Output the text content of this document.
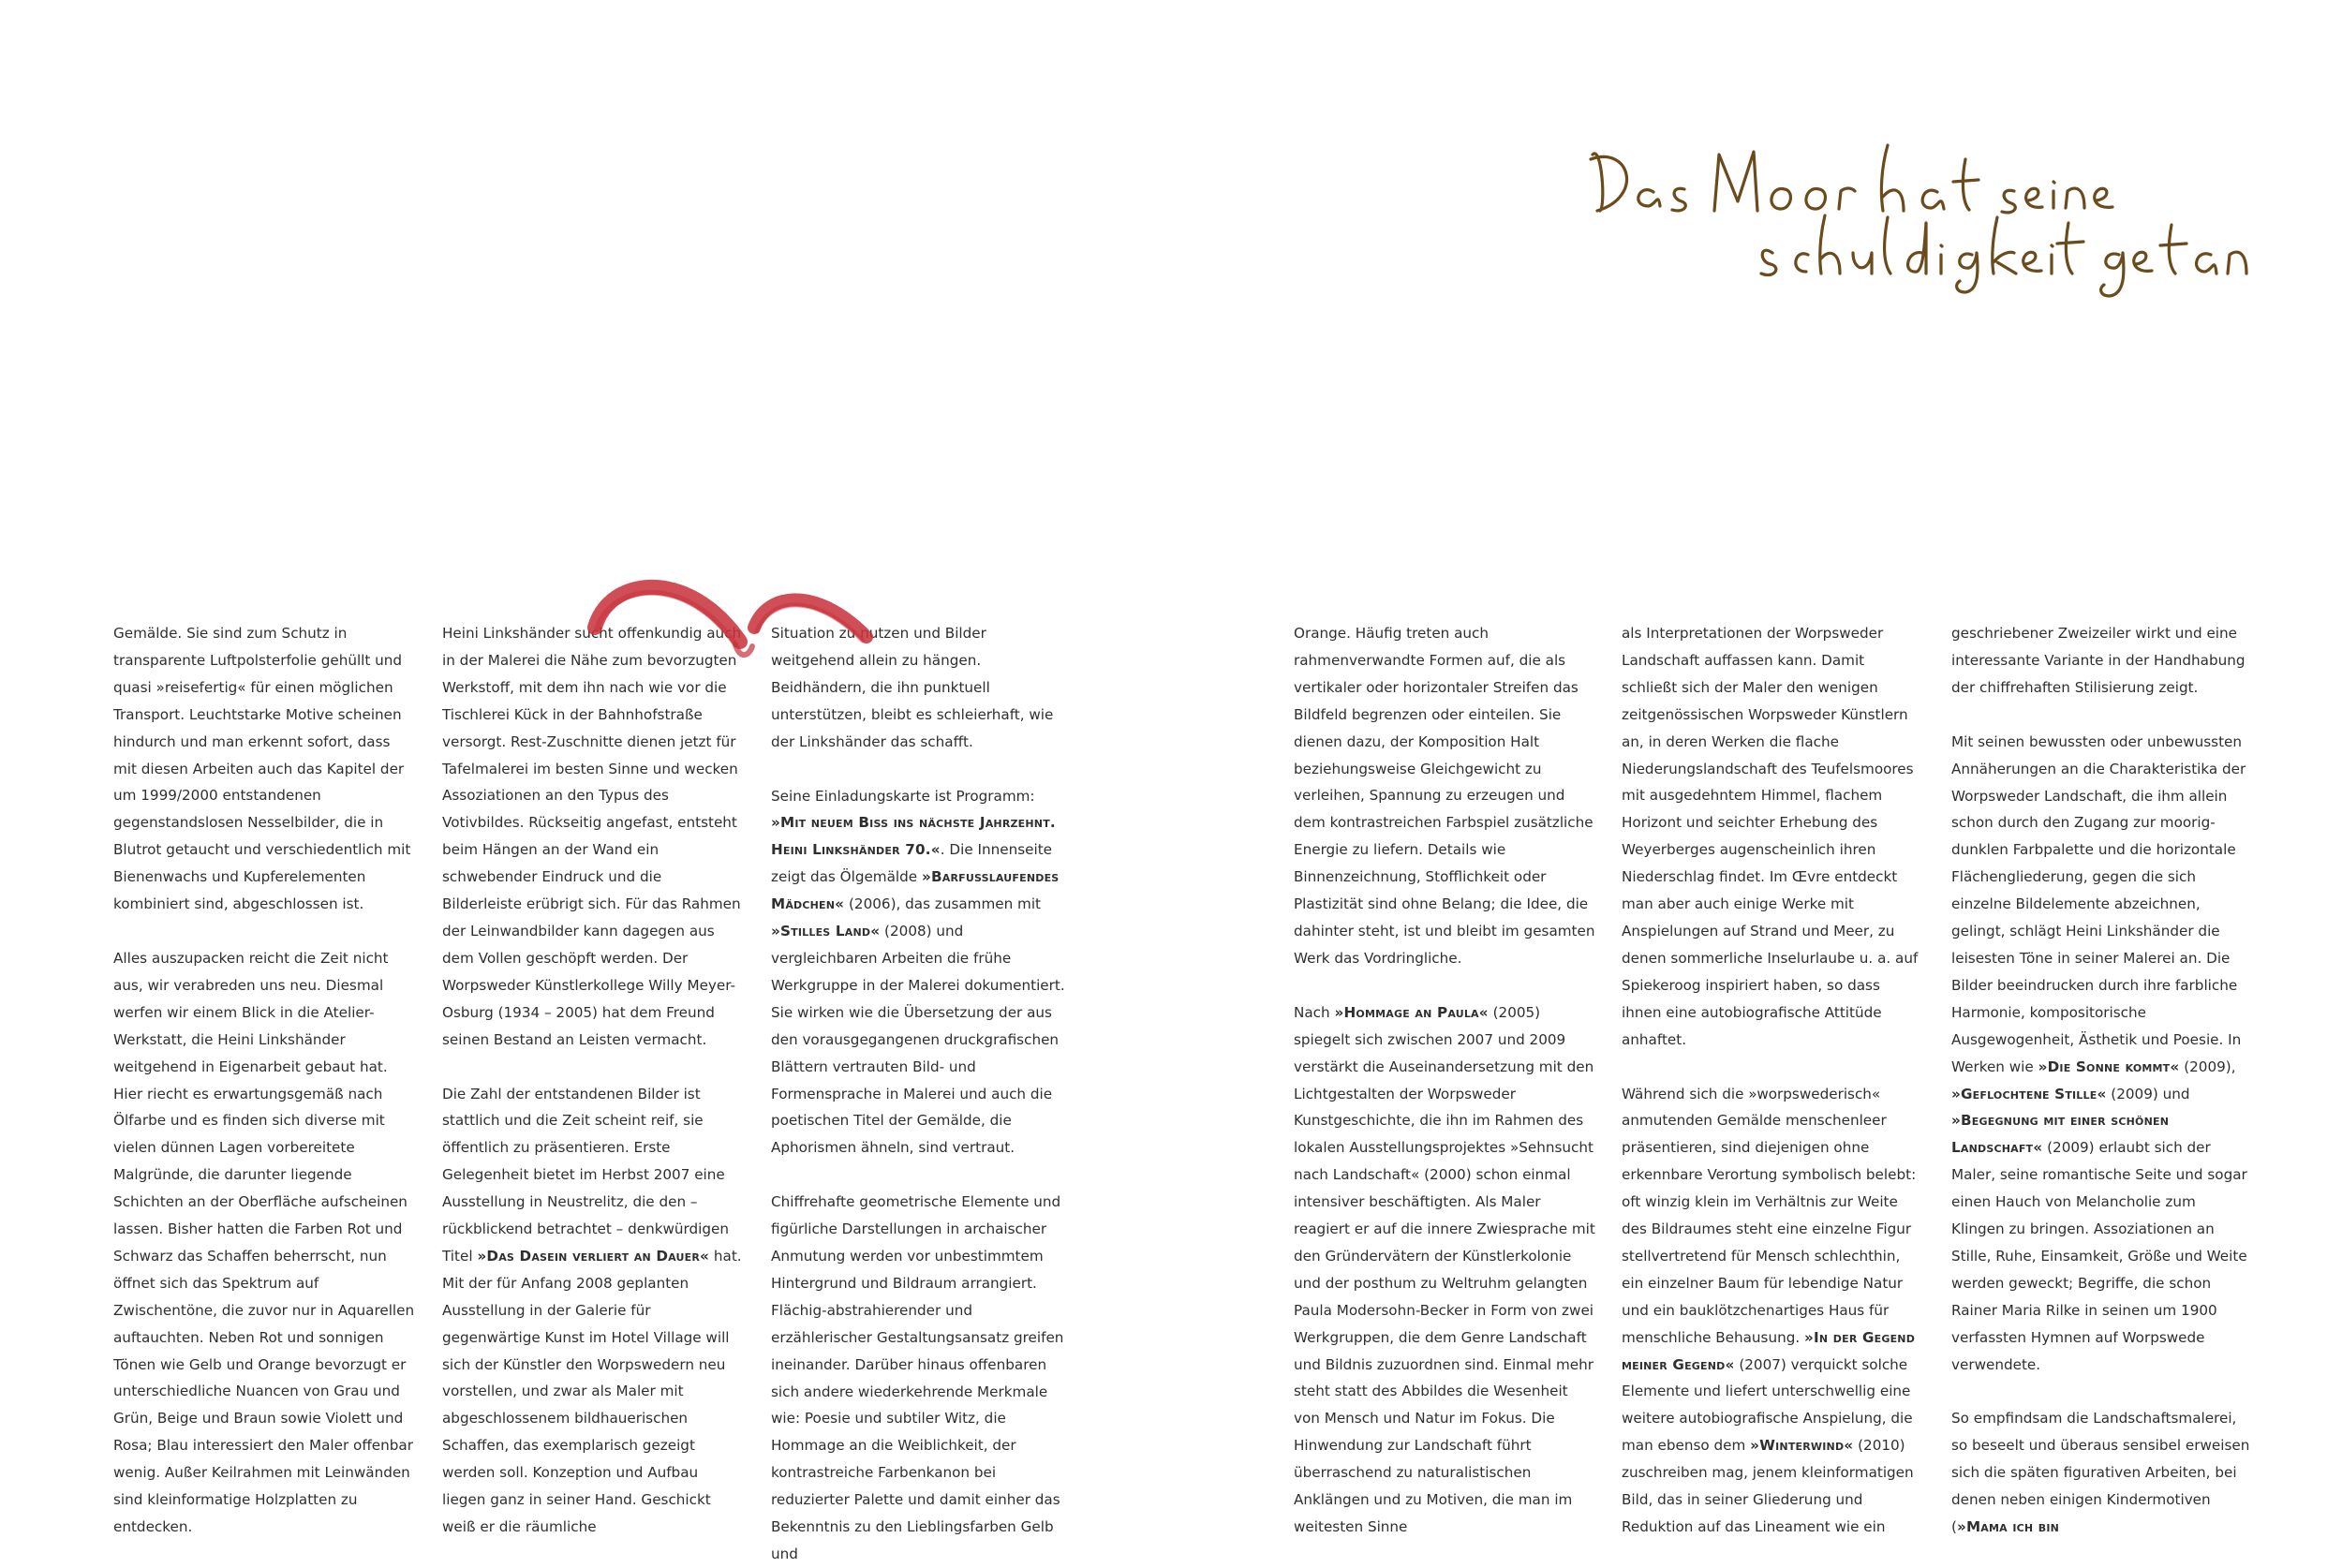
Gemälde. Sie sind zum Schutz in transparente Luftpolsterfolie gehüllt und quasi »reisefertig« für einen möglichen Transport. Leuchtstarke Motive scheinen hindurch und man erkennt sofort, dass mit diesen Arbeiten auch das Kapitel der um 1999/2000 entstandenen gegenstandslosen Nesselbilder, die in Blutrot getaucht und verschiedentlich mit Bienenwachs und Kupferelementen kombiniert sind, abgeschlossen ist.

Alles auszupacken reicht die Zeit nicht aus, wir verabreden uns neu. Diesmal werfen wir einem Blick in die Atelier-Werkstatt, die Heini Linkshänder weitgehend in Eigenarbeit gebaut hat. Hier riecht es erwartungsgemäß nach Ölfarbe und es finden sich diverse mit vielen dünnen Lagen vorbereitete Malgründe, die darunter liegende Schichten an der Oberfläche aufscheinen lassen. Bisher hatten die Farben Rot und Schwarz das Schaffen beherrscht, nun öffnet sich das Spektrum auf Zwischentöne, die zuvor nur in Aquarellen auftauchten. Neben Rot und sonnigen Tönen wie Gelb und Orange bevorzugt er unterschiedliche Nuancen von Grau und Grün, Beige und Braun sowie Violett und Rosa; Blau interessiert den Maler offenbar wenig. Außer Keilrahmen mit Leinwänden sind kleinformatige Holzplatten zu entdecken.

Heini Linkshänder sucht offenkundig auch in der Malerei die Nähe zum bevorzugten Werkstoff, mit dem ihn nach wie vor die Tischlerei Kück in der Bahnhofstraße versorgt. Rest-Zuschnitte dienen jetzt für Tafelmalerei im besten Sinne und wecken Assoziationen an den Typus des Votivbildes. Rückseitig angefast, entsteht beim Hängen an der Wand ein schwebender Eindruck und die Bilderleiste erübrigt sich. Für das Rahmen der Leinwandbilder kann dagegen aus dem Vollen geschöpft werden. Der Worpsweder Künstlerkollege Willy Meyer-Osburg (1934 – 2005) hat dem Freund seinen Bestand an Leisten vermacht.

Die Zahl der entstandenen Bilder ist stattlich und die Zeit scheint reif, sie öffentlich zu präsentieren. Erste Gelegenheit bietet im Herbst 2007 eine Ausstellung in Neustrelitz, die den – rückblickend betrachtet – denkwürdigen Titel »Das Dasein verliert an Dauer« hat. Mit der für Anfang 2008 geplanten Ausstellung in der Galerie für gegenwärtige Kunst im Hotel Village will sich der Künstler den Worpswedern neu vorstellen, und zwar als Maler mit abgeschlossenem bildhauerischen Schaffen, das exemplarisch gezeigt werden soll. Konzeption und Aufbau liegen ganz in seiner Hand. Geschickt weiß er die räumliche

Situation zu nutzen und Bilder weitgehend allein zu hängen. Beidhändern, die ihn punktuell unterstützen, bleibt es schleierhaft, wie der Linkshänder das schafft.

Seine Einladungskarte ist Programm: »Mit neuem Biss ins nächste Jahrzehnt. Heini Linkshänder 70.«. Die Innenseite zeigt das Ölgemälde »Barfusslaufendes Mädchen« (2006), das zusammen mit »Stilles Land« (2008) und vergleichbaren Arbeiten die frühe Werkgruppe in der Malerei dokumentiert. Sie wirken wie die Übersetzung der aus den vorausgegangenen druckgrafischen Blättern vertrauten Bild- und Formensprache in Malerei und auch die poetischen Titel der Gemälde, die Aphorismen ähneln, sind vertraut.

Chiffrehafte geometrische Elemente und figürliche Darstellungen in archaischer Anmutung werden vor unbestimmtem Hintergrund und Bildraum arrangiert. Flächig-abstrahierender und erzählerischer Gestaltungsansatz greifen ineinander. Darüber hinaus offenbaren sich andere wiederkehrende Merkmale wie: Poesie und subtiler Witz, die Hommage an die Weiblichkeit, der kontrastreiche Farbenkanon bei reduzierter Palette und damit einher das Bekenntnis zu den Lieblingsfarben Gelb und

Orange. Häufig treten auch rahmenverwandte Formen auf, die als vertikaler oder horizontaler Streifen das Bildfeld begrenzen oder einteilen. Sie dienen dazu, der Komposition Halt beziehungsweise Gleichgewicht zu verleihen, Spannung zu erzeugen und dem kontrastreichen Farbspiel zusätzliche Energie zu liefern. Details wie Binnenzeichnung, Stofflichkeit oder Plastizität sind ohne Belang; die Idee, die dahinter steht, ist und bleibt im gesamten Werk das Vordringliche.

Nach »Hommage an Paula« (2005) spiegelt sich zwischen 2007 und 2009 verstärkt die Auseinandersetzung mit den Lichtgestalten der Worpsweder Kunstgeschichte, die ihn im Rahmen des lokalen Ausstellungsprojektes »Sehnsucht nach Landschaft« (2000) schon einmal intensiver beschäftigten. Als Maler reagiert er auf die innere Zwiesprache mit den Gründervätern der Künstlerkolonie und der posthum zu Weltruhm gelangten Paula Modersohn-Becker in Form von zwei Werkgruppen, die dem Genre Landschaft und Bildnis zuzuordnen sind. Einmal mehr steht statt des Abbildes die Wesenheit von Mensch und Natur im Fokus. Die Hinwendung zur Landschaft führt überraschend zu naturalistischen Anklängen und zu Motiven, die man im weitesten Sinne

als Interpretationen der Worpsweder Landschaft auffassen kann. Damit schließt sich der Maler den wenigen zeitgenössischen Worpsweder Künstlern an, in deren Werken die flache Niederungslandschaft des Teufelsmoores mit ausgedehntem Himmel, flachem Horizont und seichter Erhebung des Weyerberges augenscheinlich ihren Niederschlag findet. Im Œvre entdeckt man aber auch einige Werke mit Anspielungen auf Strand und Meer, zu denen sommerliche Inselurlaube u. a. auf Spiekeroog inspiriert haben, so dass ihnen eine autobiografische Attitüde anhaftet.

Während sich die »worpswederisch« anmutenden Gemälde menschenleer präsentieren, sind diejenigen ohne erkennbare Verortung symbolisch belebt: oft winzig klein im Verhältnis zur Weite des Bildraumes steht eine einzelne Figur stellvertretend für Mensch schlechthin, ein einzelner Baum für lebendige Natur und ein bauklötzchenartiges Haus für menschliche Behausung. »In der Gegend meiner Gegend« (2007) verquickt solche Elemente und liefert unterschwellig eine weitere autobiografische Anspielung, die man ebenso dem »Winterwind« (2010) zuschreiben mag, jenem kleinformatigen Bild, das in seiner Gliederung und Reduktion auf das Lineament wie ein

geschriebener Zweizeiler wirkt und eine interessante Variante in der Handhabung der chiffrehaften Stilisierung zeigt.

Mit seinen bewussten oder unbewussten Annäherungen an die Charakteristika der Worpsweder Landschaft, die ihm allein schon durch den Zugang zur moorig-dunklen Farbpalette und die horizontale Flächengliederung, gegen die sich einzelne Bildelemente abzeichnen, gelingt, schlägt Heini Linkshänder die leisesten Töne in seiner Malerei an. Die Bilder beeindrucken durch ihre farbliche Harmonie, kompositorische Ausgewogenheit, Ästhetik und Poesie. In Werken wie »Die Sonne kommt« (2009), »Geflochtene Stille« (2009) und »Begegnung mit einer schönen Landschaft« (2009) erlaubt sich der Maler, seine romantische Seite und sogar einen Hauch von Melancholie zum Klingen zu bringen. Assoziationen an Stille, Ruhe, Einsamkeit, Größe und Weite werden geweckt; Begriffe, die schon Rainer Maria Rilke in seinen um 1900 verfassten Hymnen auf Worpswede verwendete.

So empfindsam die Landschaftsmalerei, so beseelt und überaus sensibel erweisen sich die späten figurativen Arbeiten, bei denen neben einigen Kindermotiven (»Mama ich bin
